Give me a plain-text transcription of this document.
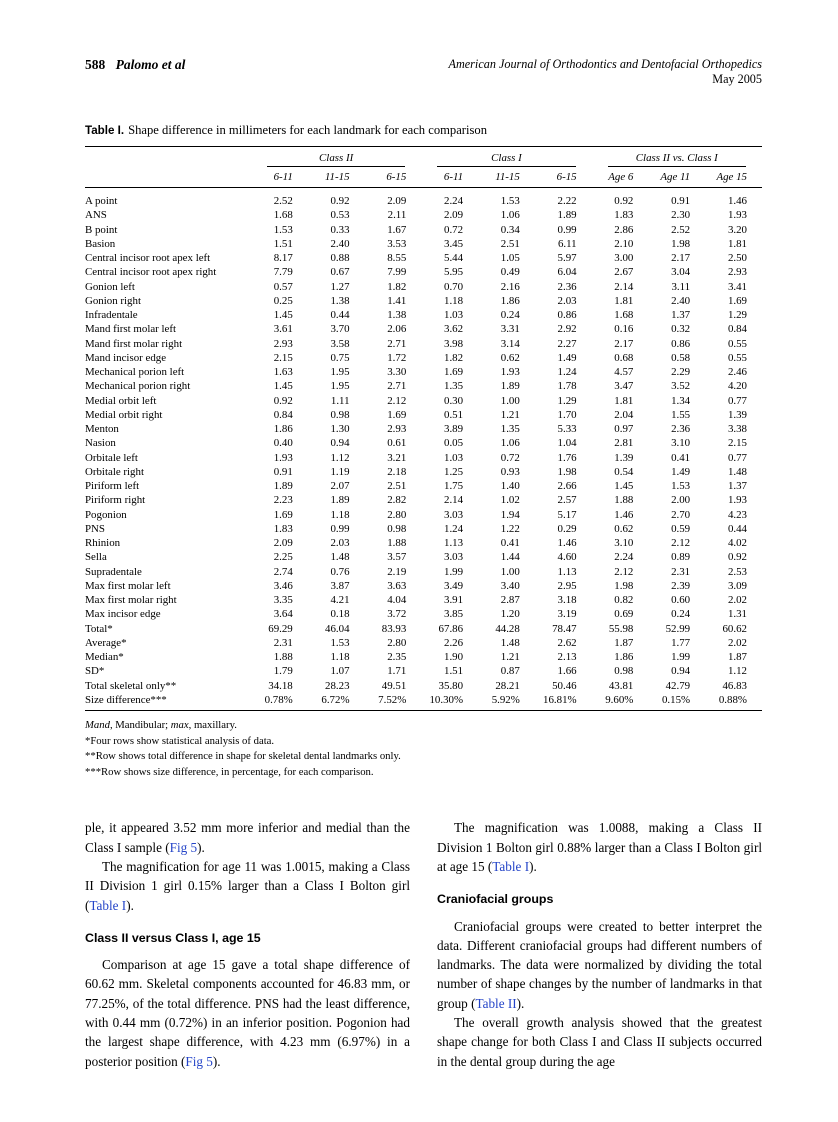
588 Palomo et al	American Journal of Orthodontics and Dentofacial Orthopedics
May 2005
Table I. Shape difference in millimeters for each landmark for each comparison

	Class II			Class I			Class II vs. Class I		

	6-11	11-15	6-15	6-11	11-15	6-15	Age 6	Age 11	Age 15
A point	2.52	0.92	2.09	2.24	1.53	2.22	0.92	0.91	1.46
ANS	1.68	0.53	2.11	2.09	1.06	1.89	1.83	2.30	1.93
B point	1.53	0.33	1.67	0.72	0.34	0.99	2.86	2.52	3.20
Basion	1.51	2.40	3.53	3.45	2.51	6.11	2.10	1.98	1.81
Central incisor root apex left	8.17	0.88	8.55	5.44	1.05	5.97	3.00	2.17	2.50
Central incisor root apex right	7.79	0.67	7.99	5.95	0.49	6.04	2.67	3.04	2.93
Gonion left	0.57	1.27	1.82	0.70	2.16	2.36	2.14	3.11	3.41
Gonion right	0.25	1.38	1.41	1.18	1.86	2.03	1.81	2.40	1.69
Infradentale	1.45	0.44	1.38	1.03	0.24	0.86	1.68	1.37	1.29
Mand first molar left	3.61	3.70	2.06	3.62	3.31	2.92	0.16	0.32	0.84
Mand first molar right	2.93	3.58	2.71	3.98	3.14	2.27	2.17	0.86	0.55
Mand incisor edge	2.15	0.75	1.72	1.82	0.62	1.49	0.68	0.58	0.55
Mechanical porion left	1.63	1.95	3.30	1.69	1.93	1.24	4.57	2.29	2.46
Mechanical porion right	1.45	1.95	2.71	1.35	1.89	1.78	3.47	3.52	4.20
Medial orbit left	0.92	1.11	2.12	0.30	1.00	1.29	1.81	1.34	0.77
Medial orbit right	0.84	0.98	1.69	0.51	1.21	1.70	2.04	1.55	1.39
Menton	1.86	1.30	2.93	3.89	1.35	5.33	0.97	2.36	3.38
Nasion	0.40	0.94	0.61	0.05	1.06	1.04	2.81	3.10	2.15
Orbitale left	1.93	1.12	3.21	1.03	0.72	1.76	1.39	0.41	0.77
Orbitale right	0.91	1.19	2.18	1.25	0.93	1.98	0.54	1.49	1.48
Piriform left	1.89	2.07	2.51	1.75	1.40	2.66	1.45	1.53	1.37
Piriform right	2.23	1.89	2.82	2.14	1.02	2.57	1.88	2.00	1.93
Pogonion	1.69	1.18	2.80	3.03	1.94	5.17	1.46	2.70	4.23
PNS	1.83	0.99	0.98	1.24	1.22	0.29	0.62	0.59	0.44
Rhinion	2.09	2.03	1.88	1.13	0.41	1.46	3.10	2.12	4.02
Sella	2.25	1.48	3.57	3.03	1.44	4.60	2.24	0.89	0.92
Supradentale	2.74	0.76	2.19	1.99	1.00	1.13	2.12	2.31	2.53
Max first molar left	3.46	3.87	3.63	3.49	3.40	2.95	1.98	2.39	3.09
Max first molar right	3.35	4.21	4.04	3.91	2.87	3.18	0.82	0.60	2.02
Max incisor edge	3.64	0.18	3.72	3.85	1.20	3.19	0.69	0.24	1.31
Total*	69.29	46.04	83.93	67.86	44.28	78.47	55.98	52.99	60.62
Average*	2.31	1.53	2.80	2.26	1.48	2.62	1.87	1.77	2.02
Median*	1.88	1.18	2.35	1.90	1.21	2.13	1.86	1.99	1.87
SD*	1.79	1.07	1.71	1.51	0.87	1.66	0.98	0.94	1.12
Total skeletal only**	34.18	28.23	49.51	35.80	28.21	50.46	43.81	42.79	46.83
Size difference***	0.78%	6.72%	7.52%	10.30%	5.92%	16.81%	9.60%	0.15%	0.88%
Mand, Mandibular; max, maxillary.
*Four rows show statistical analysis of data.
**Row shows total difference in shape for skeletal dental landmarks only.
***Row shows size difference, in percentage, for each comparison.

ple, it appeared 3.52 mm more inferior and medial than the Class I sample (Fig 5).

The magnification for age 11 was 1.0015, making a Class II Division 1 girl 0.15% larger than a Class I Bolton girl (Table I).

Class II versus Class I, age 15

Comparison at age 15 gave a total shape difference of 60.62 mm. Skeletal components accounted for 46.83 mm, or 77.25%, of the total difference. PNS had the least difference, with 0.44 mm (0.72%) in an inferior position. Pogonion had the largest shape difference, with 4.23 mm (6.97%) in a posterior position (Fig 5).

The magnification was 1.0088, making a Class II Division 1 Bolton girl 0.88% larger than a Class I Bolton girl at age 15 (Table I).

Craniofacial groups

Craniofacial groups were created to better interpret the data. Different craniofacial groups had different numbers of landmarks. The data were normalized by dividing the total number of shape changes by the number of landmarks in that group (Table II).

The overall growth analysis showed that the greatest shape change for both Class I and Class II subjects occurred in the dental group during the age
